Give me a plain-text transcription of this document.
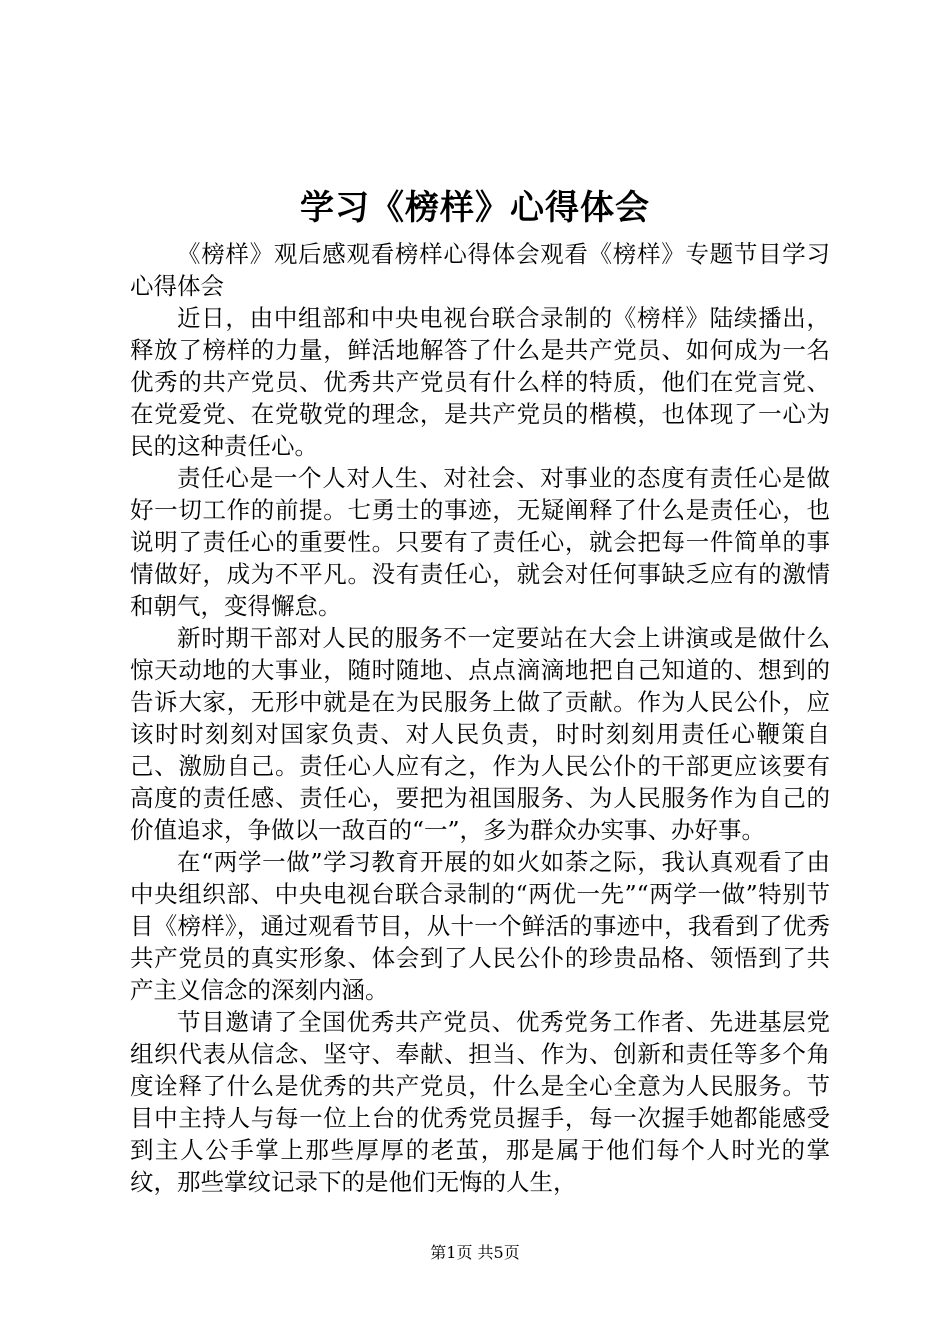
学习《榜样》心得体会

《榜样》观后感观看榜样心得体会观看《榜样》专题节目学习心得体会

近日，由中组部和中央电视台联合录制的《榜样》陆续播出，释放了榜样的力量，鲜活地解答了什么是共产党员、如何成为一名优秀的共产党员、优秀共产党员有什么样的特质，他们在党言党、在党爱党、在党敬党的理念，是共产党员的楷模，也体现了一心为民的这种责任心。

责任心是一个人对人生、对社会、对事业的态度有责任心是做好一切工作的前提。七勇士的事迹，无疑阐释了什么是责任心，也说明了责任心的重要性。只要有了责任心，就会把每一件简单的事情做好，成为不平凡。没有责任心，就会对任何事缺乏应有的激情和朝气，变得懈怠。

新时期干部对人民的服务不一定要站在大会上讲演或是做什么惊天动地的大事业，随时随地、点点滴滴地把自己知道的、想到的告诉大家，无形中就是在为民服务上做了贡献。作为人民公仆，应该时时刻刻对国家负责、对人民负责，时时刻刻用责任心鞭策自己、激励自己。责任心人应有之，作为人民公仆的干部更应该要有高度的责任感、责任心，要把为祖国服务、为人民服务作为自己的价值追求，争做以一敌百的“一”，多为群众办实事、办好事。

在“两学一做”学习教育开展的如火如荼之际，我认真观看了由中央组织部、中央电视台联合录制的“两优一先”“两学一做”特别节目《榜样》，通过观看节目，从十一个鲜活的事迹中，我看到了优秀共产党员的真实形象、体会到了人民公仆的珍贵品格、领悟到了共产主义信念的深刻内涵。

节目邀请了全国优秀共产党员、优秀党务工作者、先进基层党组织代表从信念、坚守、奉献、担当、作为、创新和责任等多个角度诠释了什么是优秀的共产党员，什么是全心全意为人民服务。节目中主持人与每一位上台的优秀党员握手，每一次握手她都能感受到主人公手掌上那些厚厚的老茧，那是属于他们每个人时光的掌纹，那些掌纹记录下的是他们无悔的人生，

第1页 共5页
